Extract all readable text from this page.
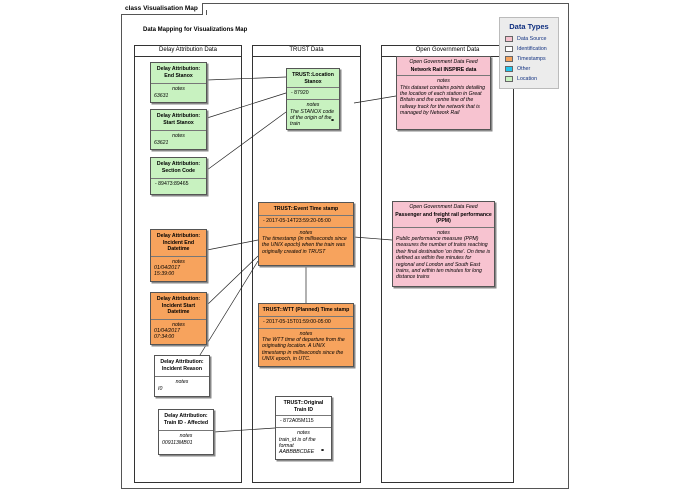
class Visualisation Map
Data Mapping for Visualizations Map
Delay Attribution Data	TRUST Data	Open Government Data
Delay Attribution: End Stanox
notes
63631
Delay Attribution: Start Stanox
notes
63621
Delay Attribution: Section Code
- 89473:89465
Delay Attribution: Incident End Datetime
notes
01/04/2017 15:39:00
Delay Attribution: Incident Start Datetime
notes
01/04/2017 07:34:00
Delay Attribution: Incident Reason
notes
I0
Delay Attribution: Train ID - Affected
notes
009113MB01
TRUST::Location Stanox
- 87920
notes
The STANOX code of the origin of the train
⚭
TRUST::Event Time stamp
- 2017-05-14T23:59:20-05:00
notes
The timestamp (in milliseconds since the UNIX epoch) when the train was originally created in TRUST
TRUST::WTT (Planned) Time stamp
- 2017-05-15T01:59:00-05:00
notes
The WTT time of departure from the originating location. A UNIX timestamp in milliseconds since the UNIX epoch, in UTC.
TRUST::Original Train ID
- 872A05M115
notes
train_id is of the format AABBBBCDEE ⚭
Open Government Data Feed
Network Rail INSPIRE data
notes
This dataset contains points detailing the location of each station in Great Britain and the centre line of the railway track for the network that is managed by Network Rail
Open Government Data Feed
Passenger and freight rail performance (PPM)
notes
Public performance measure (PPM) measures the number of trains reaching their final destination 'on time'. On time is defined as within five minutes for regional and London and South East trains, and within ten minutes for long distance trains
Data Types
Data Source
Identification
Timestamps
Other
Location
